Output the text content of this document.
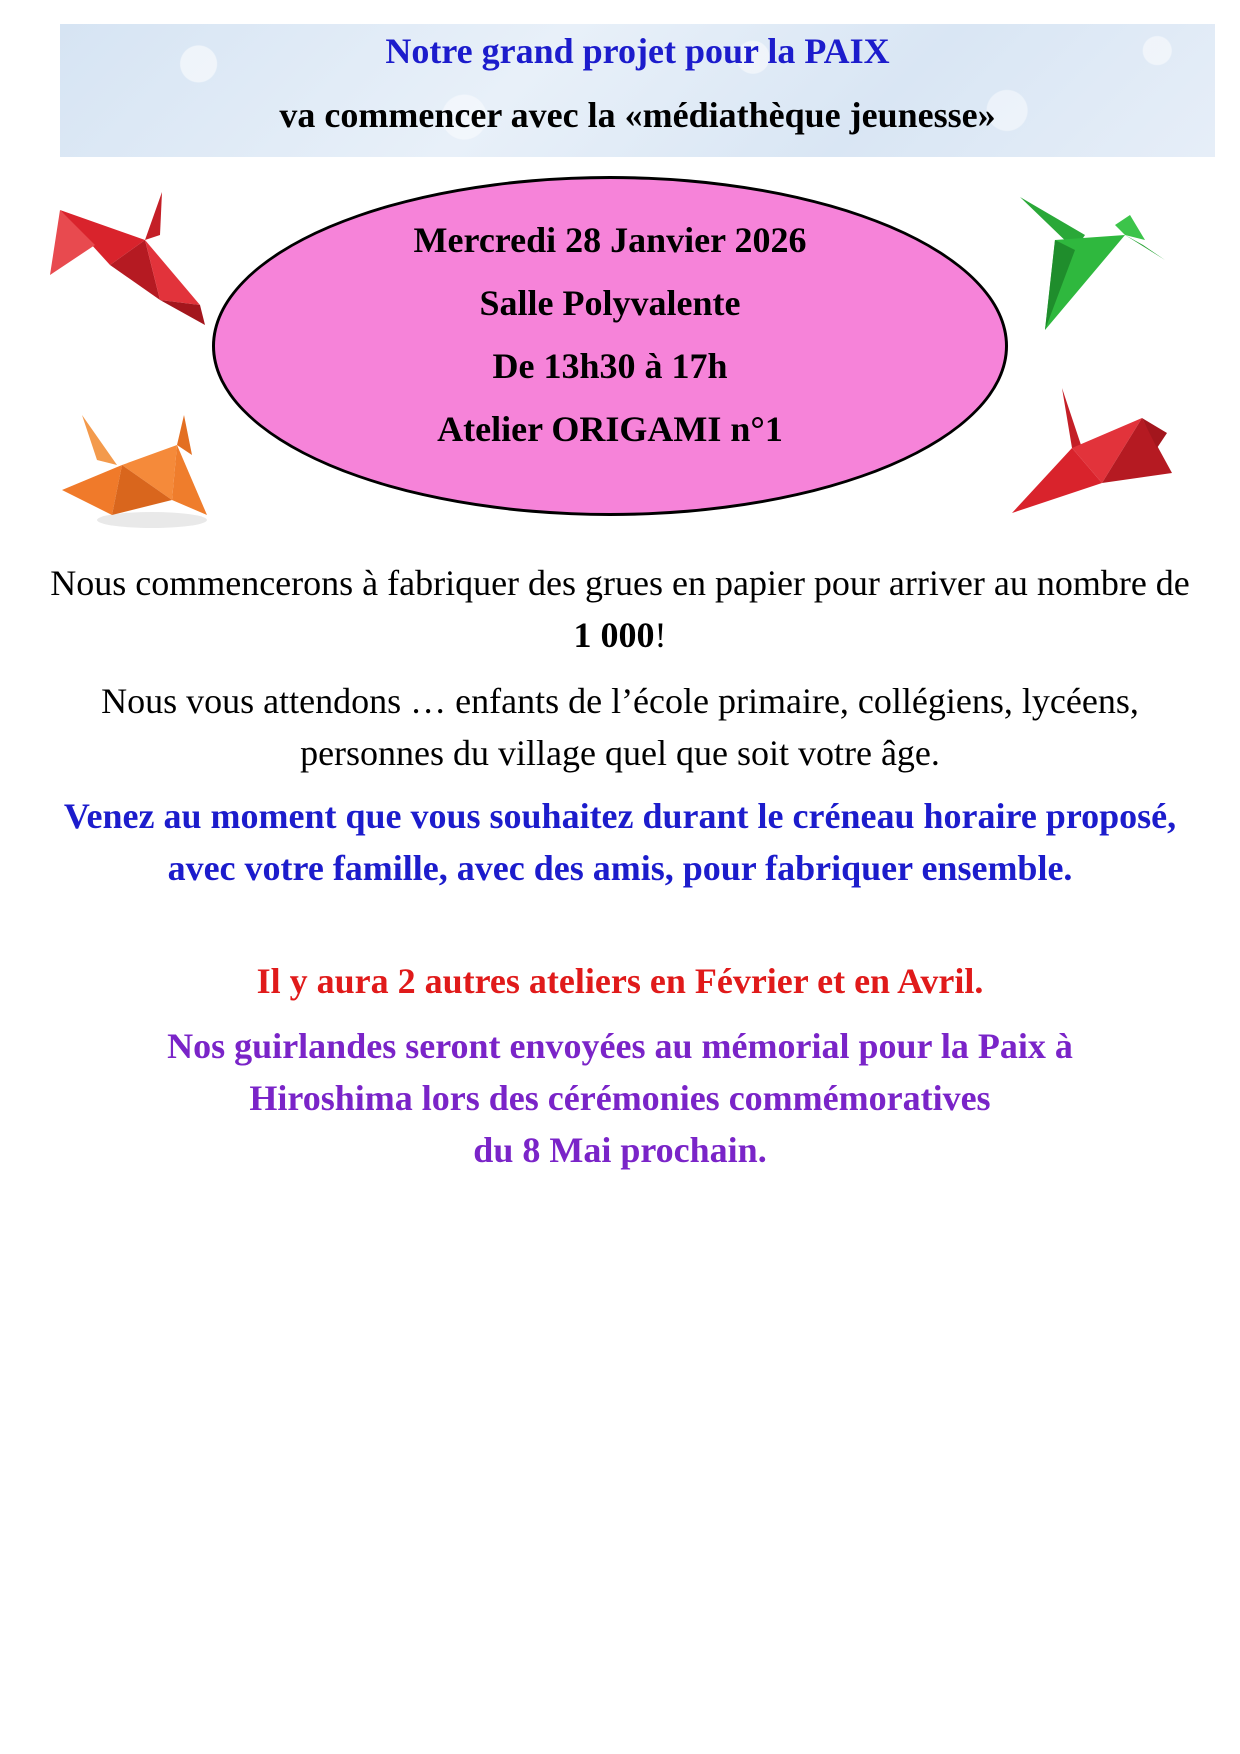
Notre grand projet pour la PAIX
va commencer avec la «médiathèque jeunesse»
Mercredi 28 Janvier 2026
Salle Polyvalente
De 13h30 à 17h
Atelier ORIGAMI n°1
Nous commencerons à fabriquer des grues en papier pour arriver au nombre de 1 000!
Nous vous attendons … enfants de l’école primaire, collégiens, lycéens, personnes du village quel que soit votre âge.
Venez au moment que vous souhaitez durant le créneau horaire proposé, avec votre famille, avec des amis, pour fabriquer ensemble.
Il y aura 2 autres ateliers en Février et en Avril.
Nos guirlandes seront envoyées au mémorial pour la Paix à
Hiroshima lors des cérémonies commémoratives
du 8 Mai prochain.
